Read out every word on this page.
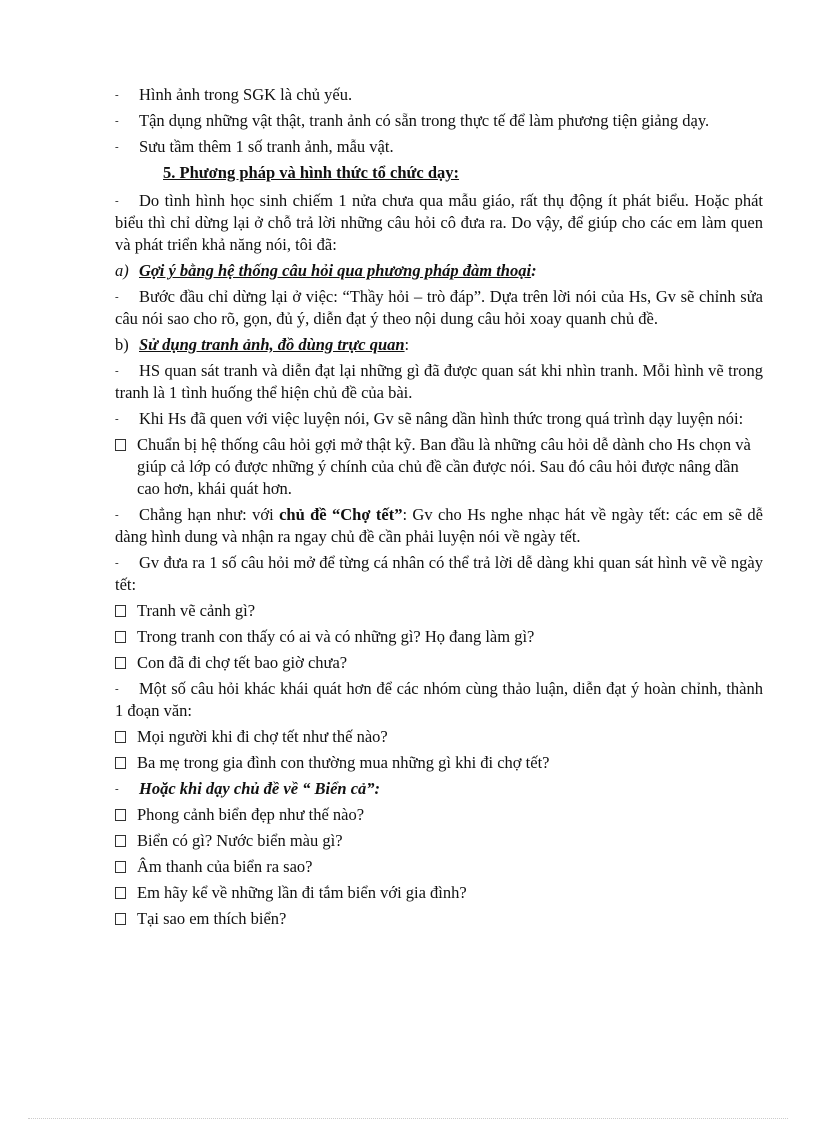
- Hình ảnh trong SGK là chủ yếu.

- Tận dụng những vật thật, tranh ảnh có sẵn trong thực tế để làm phương tiện giảng dạy.

- Sưu tầm thêm 1 số tranh ảnh, mẫu vật.

5. Phương pháp và hình thức tổ chức dạy:

- Do tình hình học sinh chiếm 1 nửa chưa qua mẫu giáo, rất thụ động ít phát biểu. Hoặc phát biểu thì chỉ dừng lại ở chỗ trả lời những câu hỏi cô đưa ra. Do vậy, để giúp cho các em làm quen và phát triển khả năng nói, tôi đã:

a) Gợi ý bằng hệ thống câu hỏi qua phương pháp đàm thoại:

- Bước đầu chỉ dừng lại ở việc: “Thầy hỏi – trò đáp”. Dựa trên lời nói của Hs, Gv sẽ chỉnh sửa câu nói sao cho rõ, gọn, đủ ý, diễn đạt ý theo nội dung câu hỏi xoay quanh chủ đề.

b) Sử dụng tranh ảnh, đồ dùng trực quan:

- HS quan sát tranh và diễn đạt lại những gì đã được quan sát khi nhìn tranh. Mỗi hình vẽ trong tranh là 1 tình huống thể hiện chủ đề của bài.

- Khi Hs đã quen với việc luyện nói, Gv sẽ nâng dần hình thức trong quá trình dạy luyện nói:

Chuẩn bị hệ thống câu hỏi gợi mở thật kỹ. Ban đầu là những câu hỏi dễ dành cho Hs chọn và giúp cả lớp có được những ý chính của chủ đề cần được nói. Sau đó câu hỏi được nâng dần cao hơn, khái quát hơn.

- Chẳng hạn như: với chủ đề “Chợ tết”: Gv cho Hs nghe nhạc hát về ngày tết: các em sẽ dễ dàng hình dung và nhận ra ngay chủ đề cần phải luyện nói về ngày tết.

- Gv đưa ra 1 số câu hỏi mở để từng cá nhân có thể trả lời dễ dàng khi quan sát hình vẽ về ngày tết:

Tranh vẽ cảnh gì?
Trong tranh con thấy có ai và có những gì? Họ đang làm gì?
Con đã đi chợ tết bao giờ chưa?

- Một số câu hỏi khác khái quát hơn để các nhóm cùng thảo luận, diễn đạt ý hoàn chỉnh, thành 1 đoạn văn:

Mọi người khi đi chợ tết như thế nào?
Ba mẹ trong gia đình con thường mua những gì khi đi chợ tết?

- Hoặc khi dạy chủ đề về “ Biển cả”:

Phong cảnh biển đẹp như thế nào?
Biển có gì? Nước biển màu gì?
Âm thanh của biển ra sao?
Em hãy kể về những lần đi tắm biển với gia đình?
Tại sao em thích biển?
